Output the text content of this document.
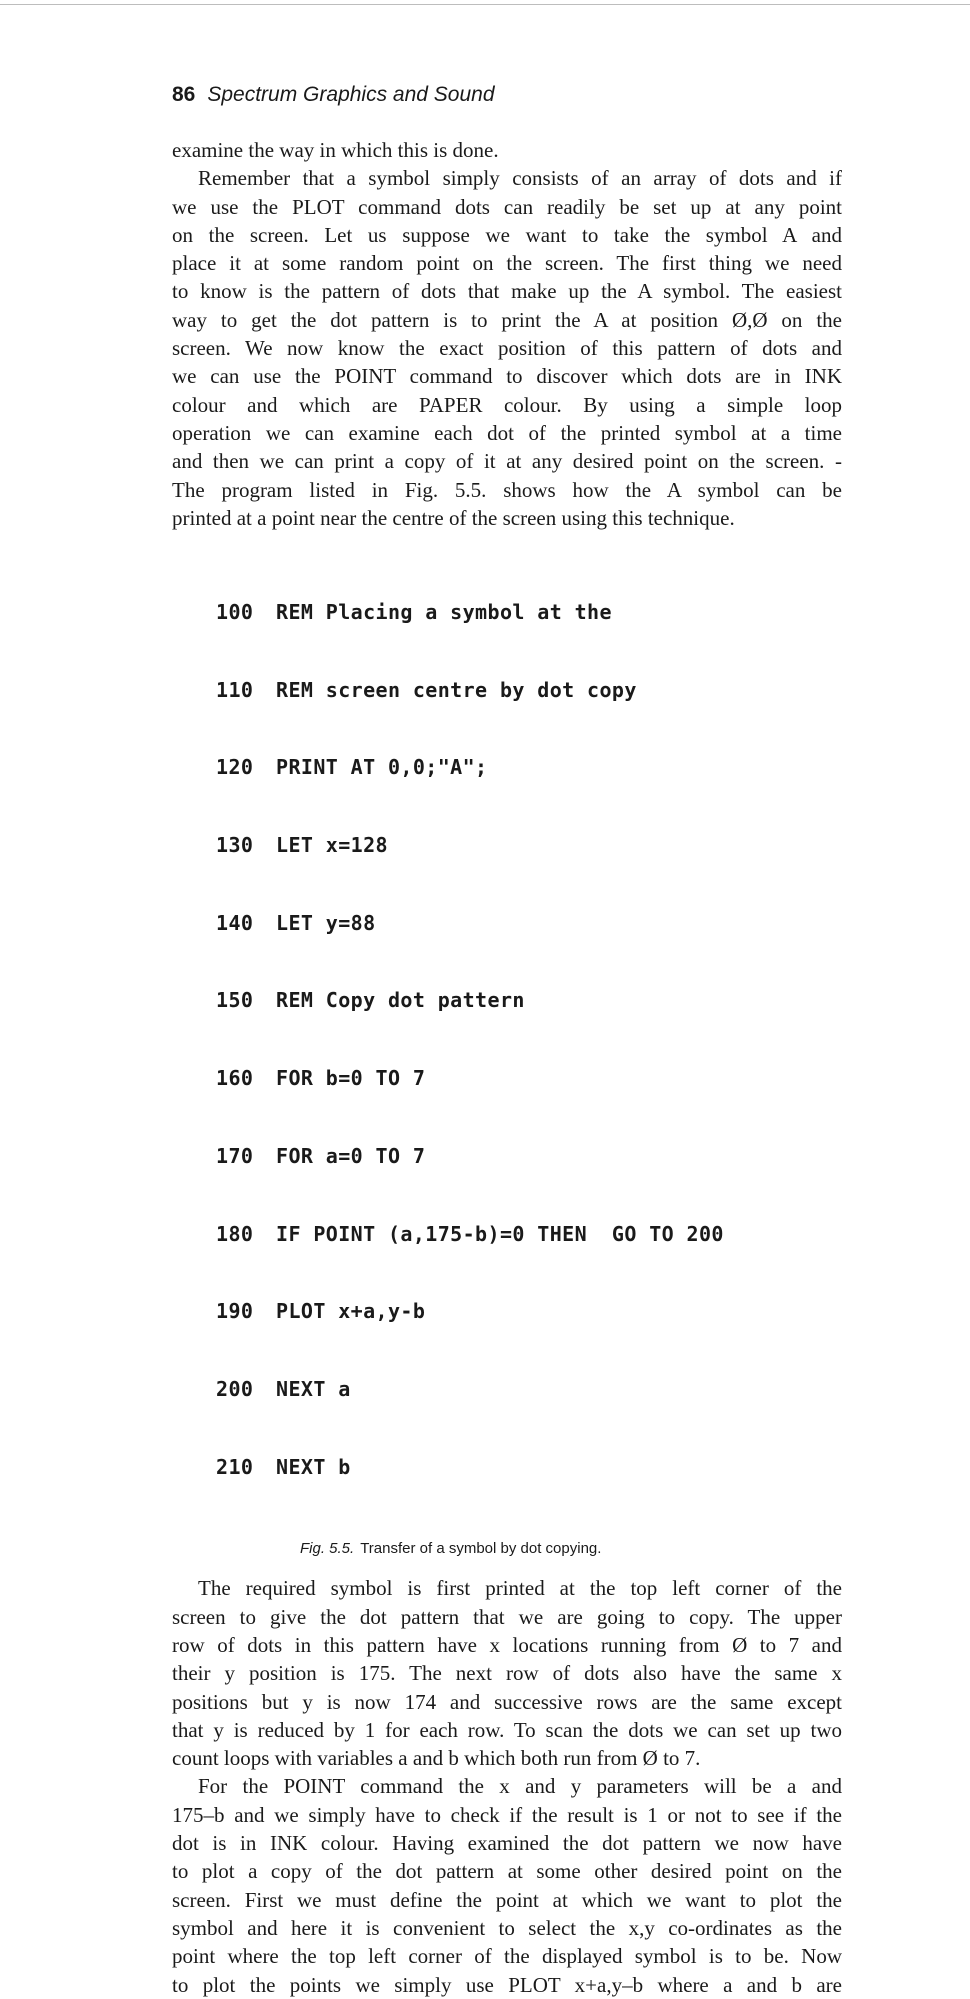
86 Spectrum Graphics and Sound
examine the way in which this is done.
Remember that a symbol simply consists of an array of dots and if
we use the PLOT command dots can readily be set up at any point
on the screen. Let us suppose we want to take the symbol A and
place it at some random point on the screen. The first thing we need
to know is the pattern of dots that make up the A symbol. The easiest
way to get the dot pattern is to print the A at position Ø,Ø on the
screen. We now know the exact position of this pattern of dots and
we can use the POINT command to discover which dots are in INK
colour and which are PAPER colour. By using a simple loop
operation we can examine each dot of the printed symbol at a time
and then we can print a copy of it at any desired point on the screen. -
The program listed in Fig. 5.5. shows how the A symbol can be
printed at a point near the centre of the screen using this technique.

100 REM Placing a symbol at the

110 REM screen centre by dot copy

120 PRINT AT 0,0;"A";

130 LET x=128

140 LET y=88

150 REM Copy dot pattern

160 FOR b=0 TO 7

170 FOR a=0 TO 7

180 IF POINT (a,175-b)=0 THEN  GO TO 200

190 PLOT x+a,y-b

200 NEXT a

210 NEXT b

Fig. 5.5. Transfer of a symbol by dot copying.
The required symbol is first printed at the top left corner of the
screen to give the dot pattern that we are going to copy. The upper
row of dots in this pattern have x locations running from Ø to 7 and
their y position is 175. The next row of dots also have the same x
positions but y is now 174 and successive rows are the same except
that y is reduced by 1 for each row. To scan the dots we can set up two
count loops with variables a and b which both run from Ø to 7.
For the POINT command the x and y parameters will be a and
175–b and we simply have to check if the result is 1 or not to see if the
dot is in INK colour. Having examined the dot pattern we now have
to plot a copy of the dot pattern at some other desired point on the
screen. First we must define the point at which we want to plot the
symbol and here it is convenient to select the x,y co-ordinates as the
point where the top left corner of the displayed symbol is to be. Now
to plot the points we simply use PLOT x+a,y–b where a and b are
